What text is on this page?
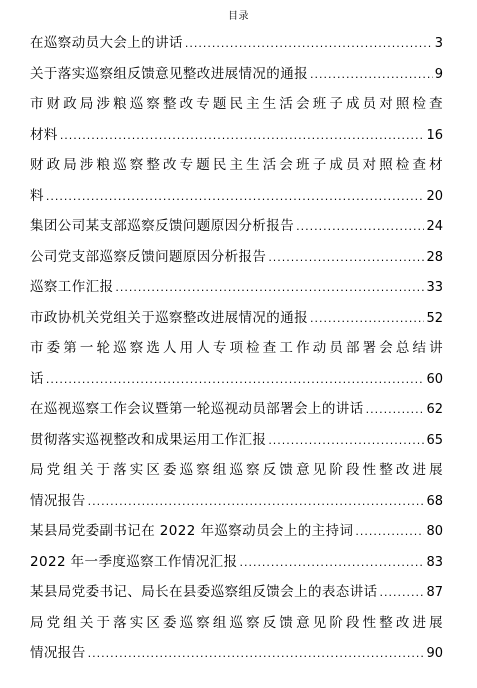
目录
在巡察动员大会上的讲话 .....	3
关于落实巡察组反馈意见整改进展情况的通报 .....	9
市财政局涉粮巡察整改专题民主生活会班子成员对照检查
材料 .....	16
财政局涉粮巡察整改专题民主生活会班子成员对照检查材
料 .....	20
集团公司某支部巡察反馈问题原因分析报告 .....	24
公司党支部巡察反馈问题原因分析报告 .....	28
巡察工作汇报 .....	33
市政协机关党组关于巡察整改进展情况的通报 .....	52
市委第一轮巡察选人用人专项检查工作动员部署会总结讲
话 .....	60
在巡视巡察工作会议暨第一轮巡视动员部署会上的讲话 .....	62
贯彻落实巡视整改和成果运用工作汇报 .....	65
局党组关于落实区委巡察组巡察反馈意见阶段性整改进展
情况报告 .....	68
某县局党委副书记在 2022 年巡察动员会上的主持词 .....	80
2022 年一季度巡察工作情况汇报 .....	83
某县局党委书记、局长在县委巡察组反馈会上的表态讲话 .....	87
局党组关于落实区委巡察组巡察反馈意见阶段性整改进展
情况报告 .....	90
